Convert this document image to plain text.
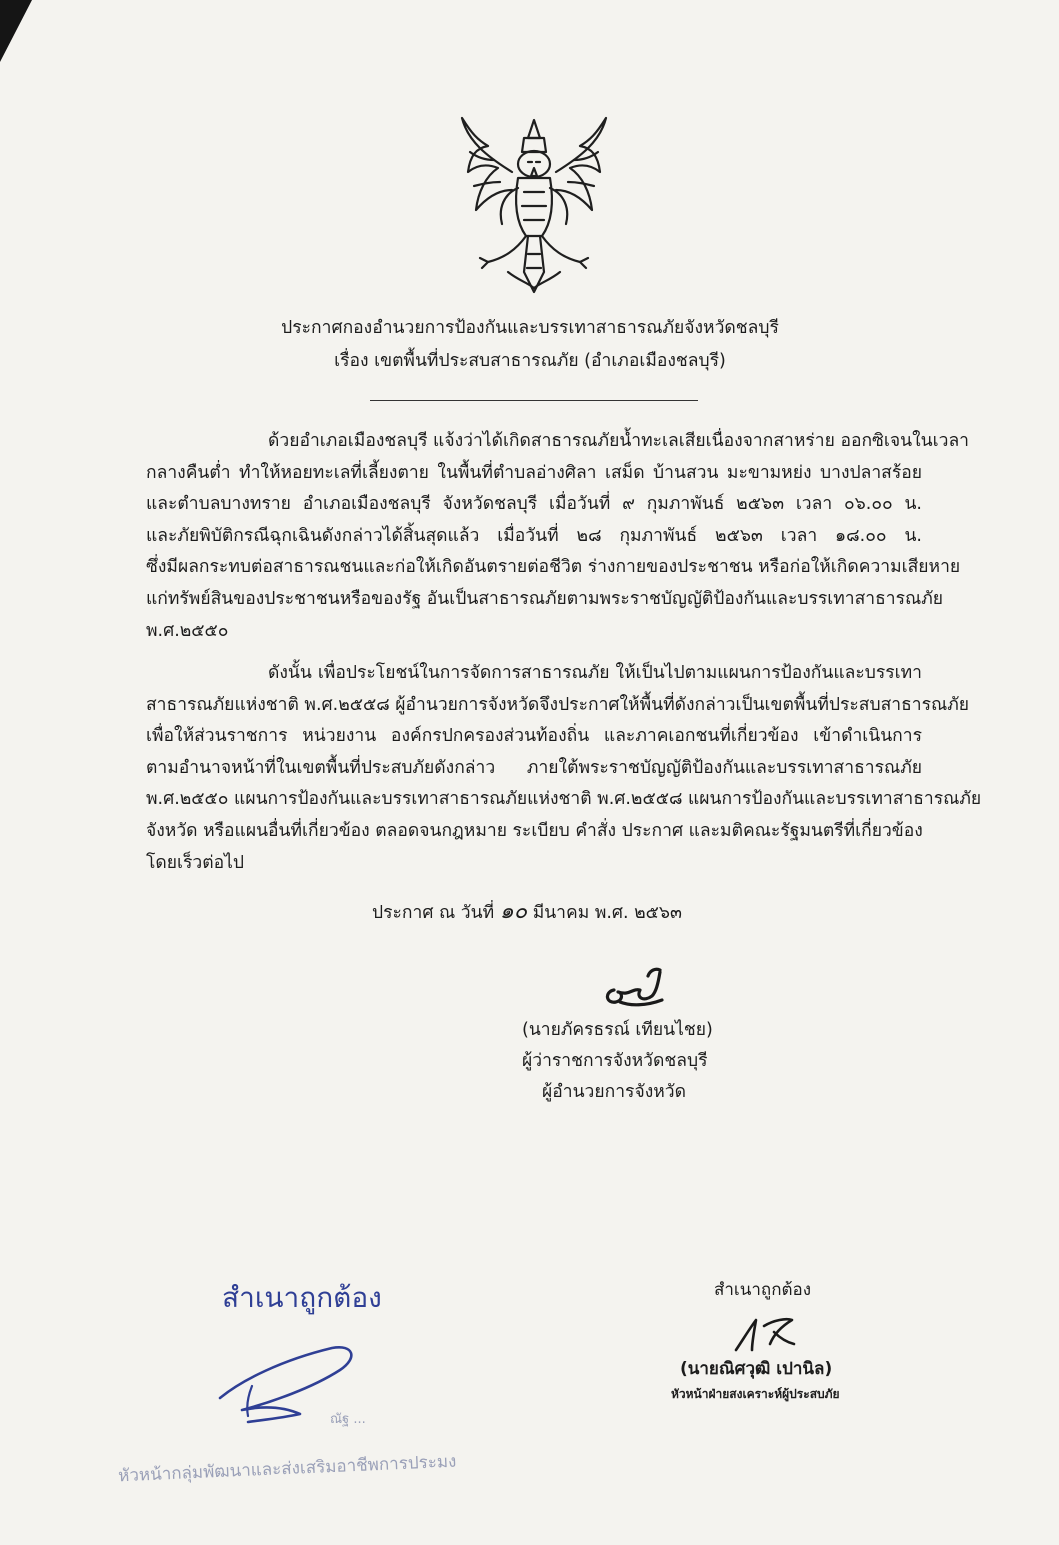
ประกาศกองอำนวยการป้องกันและบรรเทาสาธารณภัยจังหวัดชลบุรี
เรื่อง เขตพื้นที่ประสบสาธารณภัย (อำเภอเมืองชลบุรี)
ด้วยอำเภอเมืองชลบุรี แจ้งว่าได้เกิดสาธารณภัยน้ำทะเลเสียเนื่องจากสาหร่าย ออกซิเจนในเวลา
กลางคืนต่ำ ทำให้หอยทะเลที่เลี้ยงตาย ในพื้นที่ตำบลอ่างศิลา เสม็ด บ้านสวน มะขามหย่ง บางปลาสร้อย
และตำบลบางทราย อำเภอเมืองชลบุรี จังหวัดชลบุรี เมื่อวันที่ ๙ กุมภาพันธ์ ๒๕๖๓ เวลา ๐๖.๐๐ น.
และภัยพิบัติกรณีฉุกเฉินดังกล่าวได้สิ้นสุดแล้ว เมื่อวันที่ ๒๘ กุมภาพันธ์ ๒๕๖๓ เวลา ๑๘.๐๐ น.
ซึ่งมีผลกระทบต่อสาธารณชนและก่อให้เกิดอันตรายต่อชีวิต ร่างกายของประชาชน หรือก่อให้เกิดความเสียหาย
แก่ทรัพย์สินของประชาชนหรือของรัฐ อันเป็นสาธารณภัยตามพระราชบัญญัติป้องกันและบรรเทาสาธารณภัย
พ.ศ.๒๕๕๐
ดังนั้น เพื่อประโยชน์ในการจัดการสาธารณภัย ให้เป็นไปตามแผนการป้องกันและบรรเทา
สาธารณภัยแห่งชาติ พ.ศ.๒๕๕๘ ผู้อำนวยการจังหวัดจึงประกาศให้พื้นที่ดังกล่าวเป็นเขตพื้นที่ประสบสาธารณภัย
เพื่อให้ส่วนราชการ หน่วยงาน องค์กรปกครองส่วนท้องถิ่น และภาคเอกชนที่เกี่ยวข้อง เข้าดำเนินการ
ตามอำนาจหน้าที่ในเขตพื้นที่ประสบภัยดังกล่าว ภายใต้พระราชบัญญัติป้องกันและบรรเทาสาธารณภัย
พ.ศ.๒๕๕๐ แผนการป้องกันและบรรเทาสาธารณภัยแห่งชาติ พ.ศ.๒๕๕๘ แผนการป้องกันและบรรเทาสาธารณภัย
จังหวัด หรือแผนอื่นที่เกี่ยวข้อง ตลอดจนกฎหมาย ระเบียบ คำสั่ง ประกาศ และมติคณะรัฐมนตรีที่เกี่ยวข้อง
โดยเร็วต่อไป
ประกาศ ณ วันที่ ๑๐ มีนาคม พ.ศ. ๒๕๖๓
(นายภัครธรณ์ เทียนไชย)
ผู้ว่าราชการจังหวัดชลบุรี
ผู้อำนวยการจังหวัด
สำเนาถูกต้อง
ณัฐ ...
หัวหน้ากลุ่มพัฒนาและส่งเสริมอาชีพการประมง
สำเนาถูกต้อง
(นายณิศวุฒิ เปานิล)
หัวหน้าฝ่ายสงเคราะห์ผู้ประสบภัย
